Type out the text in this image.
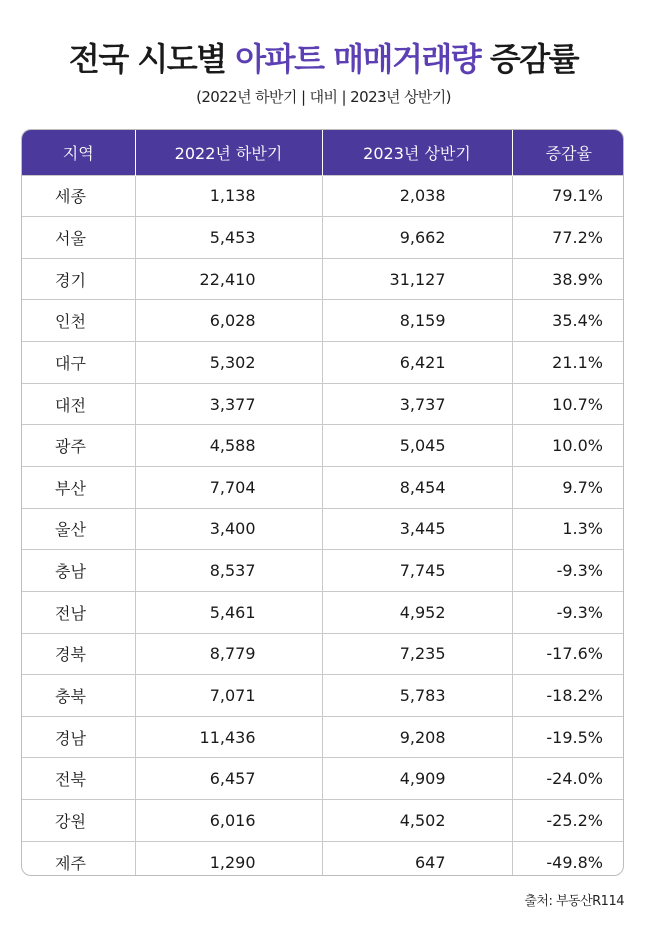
전국 시도별 아파트 매매거래량 증감률
(2022년 하반기 | 대비 | 2023년 상반기)
지역	2022년 하반기	2023년 상반기	증감율
세종	1,138	2,038	79.1%
서울	5,453	9,662	77.2%
경기	22,410	31,127	38.9%
인천	6,028	8,159	35.4%
대구	5,302	6,421	21.1%
대전	3,377	3,737	10.7%
광주	4,588	5,045	10.0%
부산	7,704	8,454	9.7%
울산	3,400	3,445	1.3%
충남	8,537	7,745	-9.3%
전남	5,461	4,952	-9.3%
경북	8,779	7,235	-17.6%
충북	7,071	5,783	-18.2%
경남	11,436	9,208	-19.5%
전북	6,457	4,909	-24.0%
강원	6,016	4,502	-25.2%
제주	1,290	647	-49.8%
출처: 부동산R114
